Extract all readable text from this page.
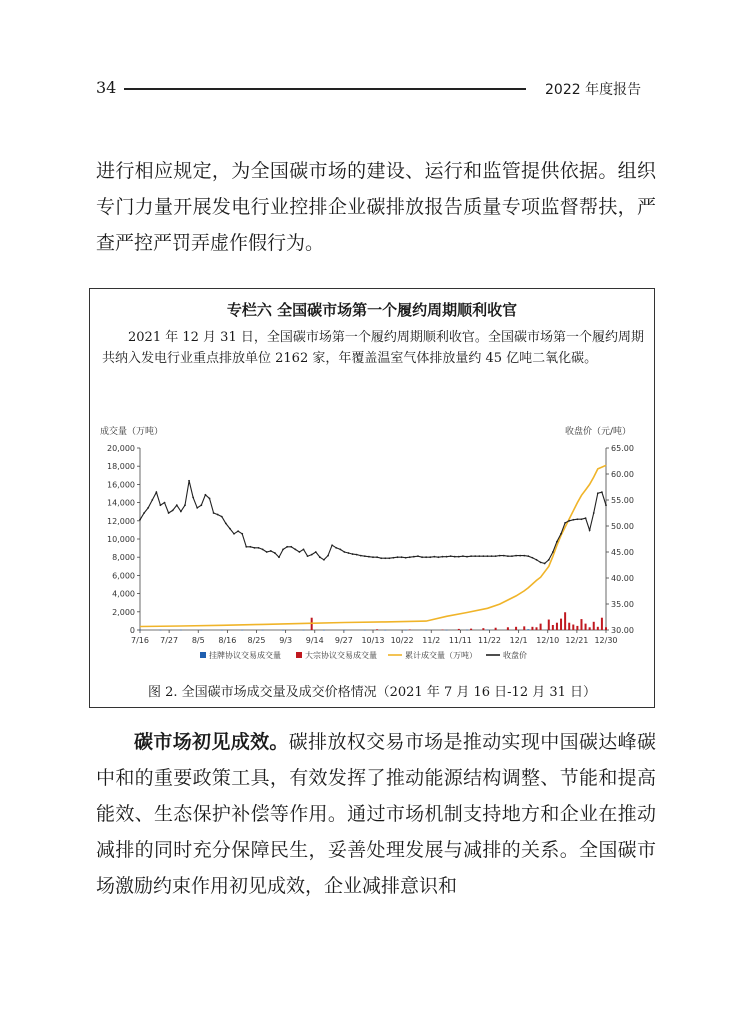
34	2022 年度报告

进行相应规定，为全国碳市场的建设、运行和监管提供依据。组织专门力量开展发电行业控排企业碳排放报告质量专项监督帮扶，严查严控严罚弄虚作假行为。

专栏六 全国碳市场第一个履约周期顺利收官

2021 年 12 月 31 日，全国碳市场第一个履约周期顺利收官。全国碳市场第一个履约周期共纳入发电行业重点排放单位 2162 家，年覆盖温室气体排放量约 45 亿吨二氧化碳。

图 2. 全国碳市场成交量及成交价格情况（2021 年 7 月 16 日-12 月 31 日）
成交量（万吨）	收盘价（元/吨）
0
2,000
4,000
6,000
8,000
10,000
12,000
14,000
16,000
18,000
20,000
30.00
35.00
40.00
45.00
50.00
55.00
60.00
65.00
7/16 7/27 8/5 8/16 8/25 9/3 9/14 9/27 10/13 10/22 11/2 11/11 11/22 12/1 12/10 12/21 12/30
挂牌协议交易成交量	大宗协议交易成交量	累计成交量（万吨）	收盘价

碳市场初见成效。碳排放权交易市场是推动实现中国碳达峰碳中和的重要政策工具，有效发挥了推动能源结构调整、节能和提高能效、生态保护补偿等作用。通过市场机制支持地方和企业在推动减排的同时充分保障民生，妥善处理发展与减排的关系。全国碳市场激励约束作用初见成效，企业减排意识和
